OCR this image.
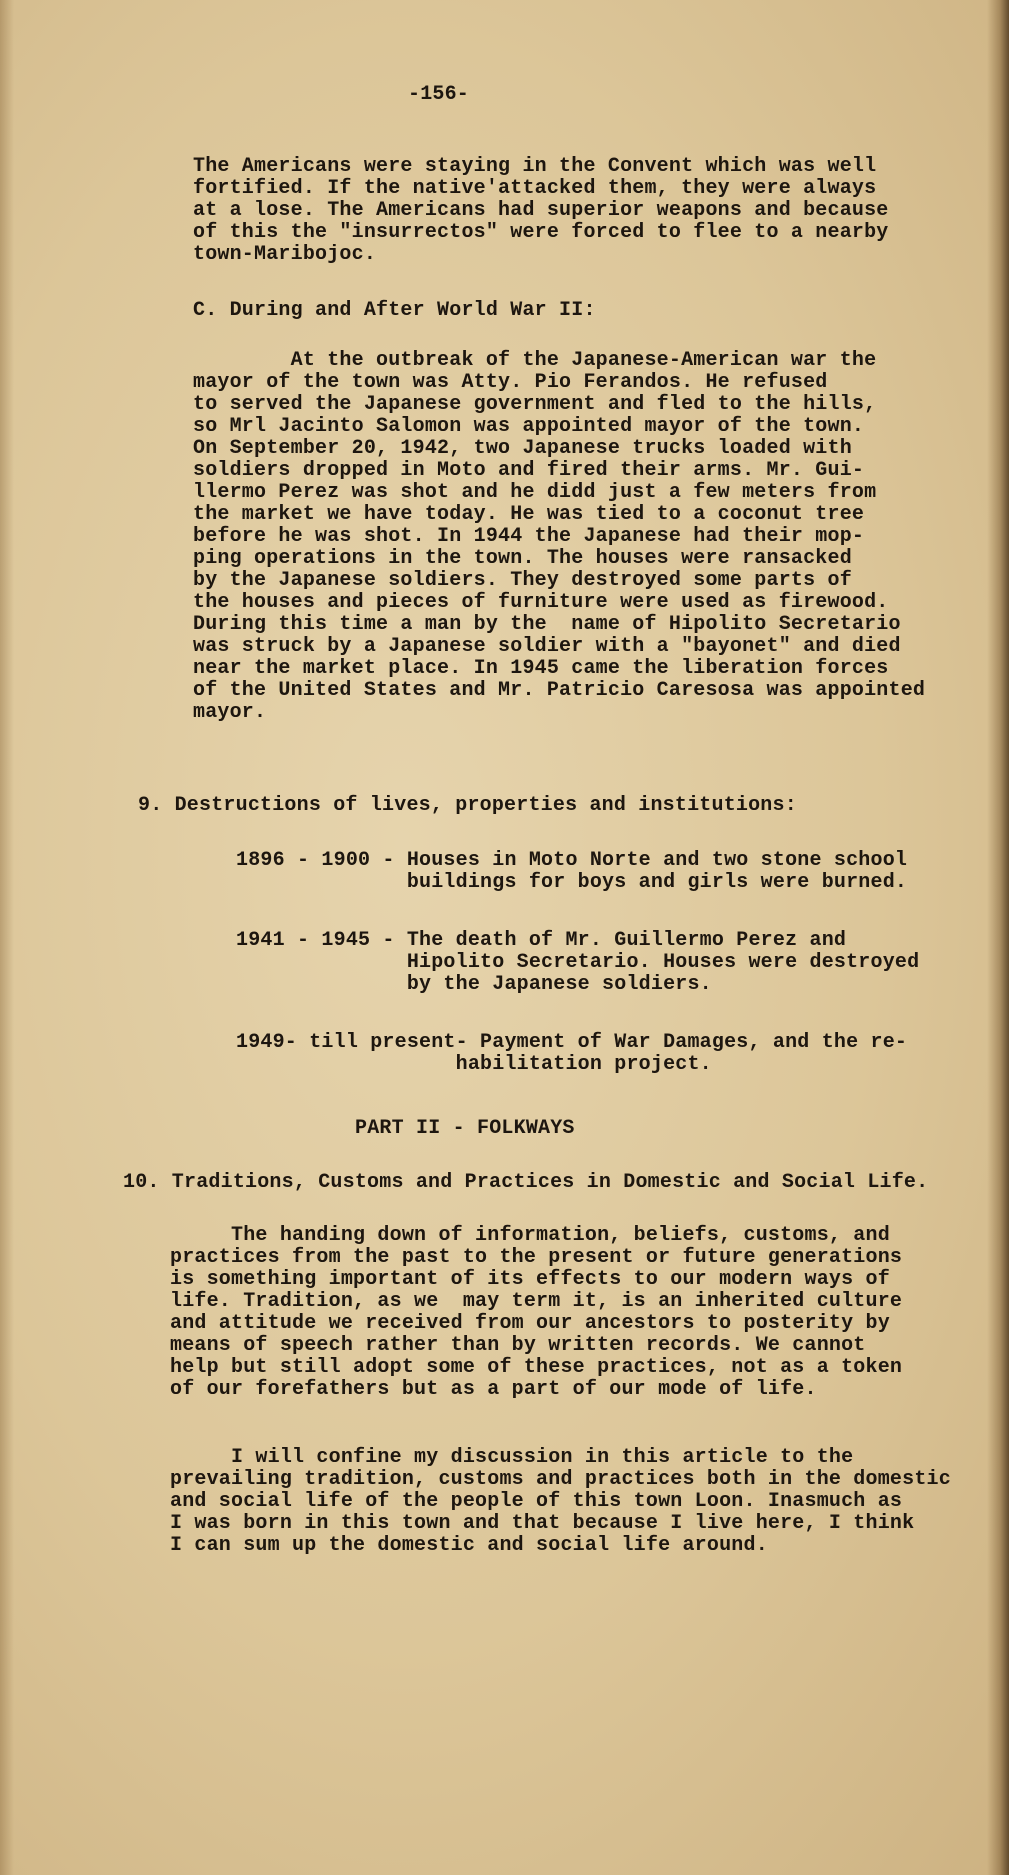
-156-
The Americans were staying in the Convent which was well
fortified. If the native'attacked them, they were always
at a lose. The Americans had superior weapons and because
of this the "insurrectos" were forced to flee to a nearby
town-Maribojoc.
C. During and After World War II:
At the outbreak of the Japanese-American war the
mayor of the town was Atty. Pio Ferandos. He refused
to served the Japanese government and fled to the hills,
so Mrl Jacinto Salomon was appointed mayor of the town.
On September 20, 1942, two Japanese trucks loaded with
soldiers dropped in Moto and fired their arms. Mr. Gui-
llermo Perez was shot and he didd just a few meters from
the market we have today. He was tied to a coconut tree
before he was shot. In 1944 the Japanese had their mop-
ping operations in the town. The houses were ransacked
by the Japanese soldiers. They destroyed some parts of
the houses and pieces of furniture were used as firewood.
During this time a man by the  name of Hipolito Secretario
was struck by a Japanese soldier with a "bayonet" and died
near the market place. In 1945 came the liberation forces
of the United States and Mr. Patricio Caresosa was appointed
mayor.
9. Destructions of lives, properties and institutions:
1896 - 1900 - Houses in Moto Norte and two stone school
buildings for boys and girls were burned.
1941 - 1945 - The death of Mr. Guillermo Perez and
Hipolito Secretario. Houses were destroyed
by the Japanese soldiers.
1949- till present- Payment of War Damages, and the re-
habilitation project.
PART II - FOLKWAYS
10. Traditions, Customs and Practices in Domestic and Social Life.
The handing down of information, beliefs, customs, and
practices from the past to the present or future generations
is something important of its effects to our modern ways of
life. Tradition, as we  may term it, is an inherited culture
and attitude we received from our ancestors to posterity by
means of speech rather than by written records. We cannot
help but still adopt some of these practices, not as a token
of our forefathers but as a part of our mode of life.
I will confine my discussion in this article to the
prevailing tradition, customs and practices both in the domestic
and social life of the people of this town Loon. Inasmuch as
I was born in this town and that because I live here, I think
I can sum up the domestic and social life around.
